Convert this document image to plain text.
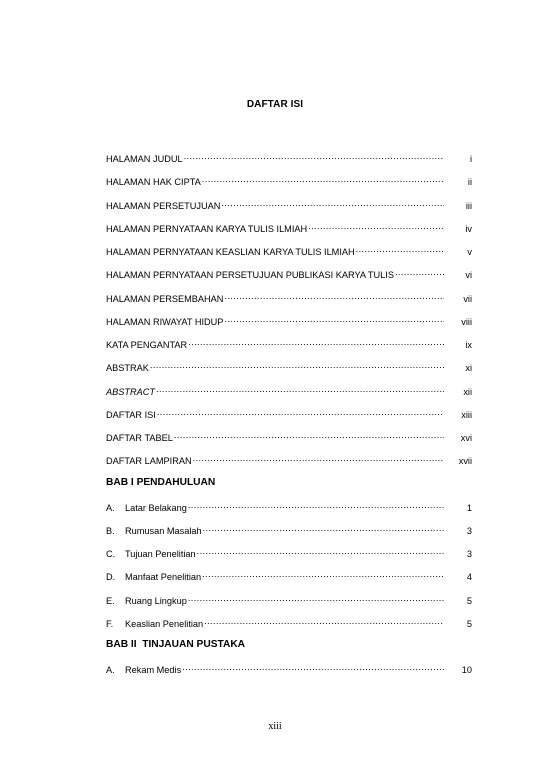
DAFTAR ISI
HALAMAN JUDUL .....	i
HALAMAN HAK CIPTA .....	ii
HALAMAN PERSETUJUAN .....	iii
HALAMAN PERNYATAAN KARYA TULIS ILMIAH .....	iv
HALAMAN PERNYATAAN KEASLIAN KARYA TULIS ILMIAH .....	v
HALAMAN PERNYATAAN PERSETUJUAN PUBLIKASI KARYA TULIS .....	vi
HALAMAN PERSEMBAHAN .....	vii
HALAMAN RIWAYAT HIDUP .....	viii
KATA PENGANTAR .....	ix
ABSTRAK .....	xi
ABSTRACT .....	xii
DAFTAR ISI .....	xiii
DAFTAR TABEL .....	xvi
DAFTAR LAMPIRAN .....	xvii
BAB I PENDAHULUAN
A.	Latar Belakang .....	1
B.	Rumusan Masalah .....	3
C.	Tujuan Penelitian .....	3
D.	Manfaat Penelitian .....	4
E.	Ruang Lingkup .....	5
F.	Keaslian Penelitian .....	5
BAB II  TINJAUAN PUSTAKA
A.	Rekam Medis .....	10
xiii
